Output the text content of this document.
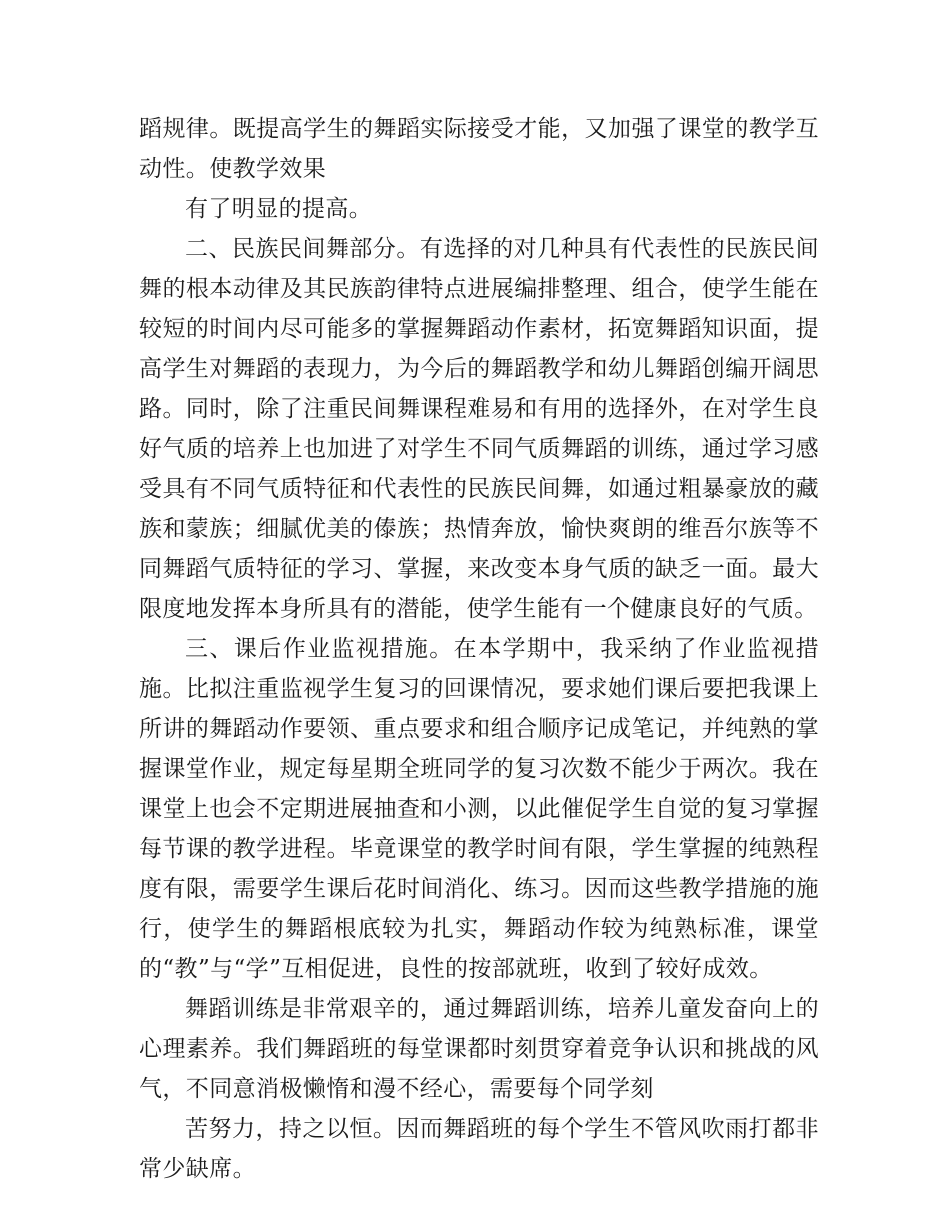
蹈规律。既提高学生的舞蹈实际接受才能，又加强了课堂的教学互动性。使教学效果

有了明显的提高。

二、民族民间舞部分。有选择的对几种具有代表性的民族民间舞的根本动律及其民族韵律特点进展编排整理、组合，使学生能在较短的时间内尽可能多的掌握舞蹈动作素材，拓宽舞蹈知识面，提高学生对舞蹈的表现力，为今后的舞蹈教学和幼儿舞蹈创编开阔思路。同时，除了注重民间舞课程难易和有用的选择外，在对学生良好气质的培养上也加进了对学生不同气质舞蹈的训练，通过学习感受具有不同气质特征和代表性的民族民间舞，如通过粗暴豪放的藏族和蒙族；细腻优美的傣族；热情奔放，愉快爽朗的维吾尔族等不同舞蹈气质特征的学习、掌握，来改变本身气质的缺乏一面。最大限度地发挥本身所具有的潜能，使学生能有一个健康良好的气质。

三、课后作业监视措施。在本学期中，我采纳了作业监视措施。比拟注重监视学生复习的回课情况，要求她们课后要把我课上所讲的舞蹈动作要领、重点要求和组合顺序记成笔记，并纯熟的掌握课堂作业，规定每星期全班同学的复习次数不能少于两次。我在课堂上也会不定期进展抽查和小测，以此催促学生自觉的复习掌握每节课的教学进程。毕竟课堂的教学时间有限，学生掌握的纯熟程度有限，需要学生课后花时间消化、练习。因而这些教学措施的施行，使学生的舞蹈根底较为扎实，舞蹈动作较为纯熟标准，课堂的“教”与“学”互相促进，良性的按部就班，收到了较好成效。

舞蹈训练是非常艰辛的，通过舞蹈训练，培养儿童发奋向上的心理素养。我们舞蹈班的每堂课都时刻贯穿着竞争认识和挑战的风气，不同意消极懒惰和漫不经心，需要每个同学刻

苦努力，持之以恒。因而舞蹈班的每个学生不管风吹雨打都非常少缺席。
